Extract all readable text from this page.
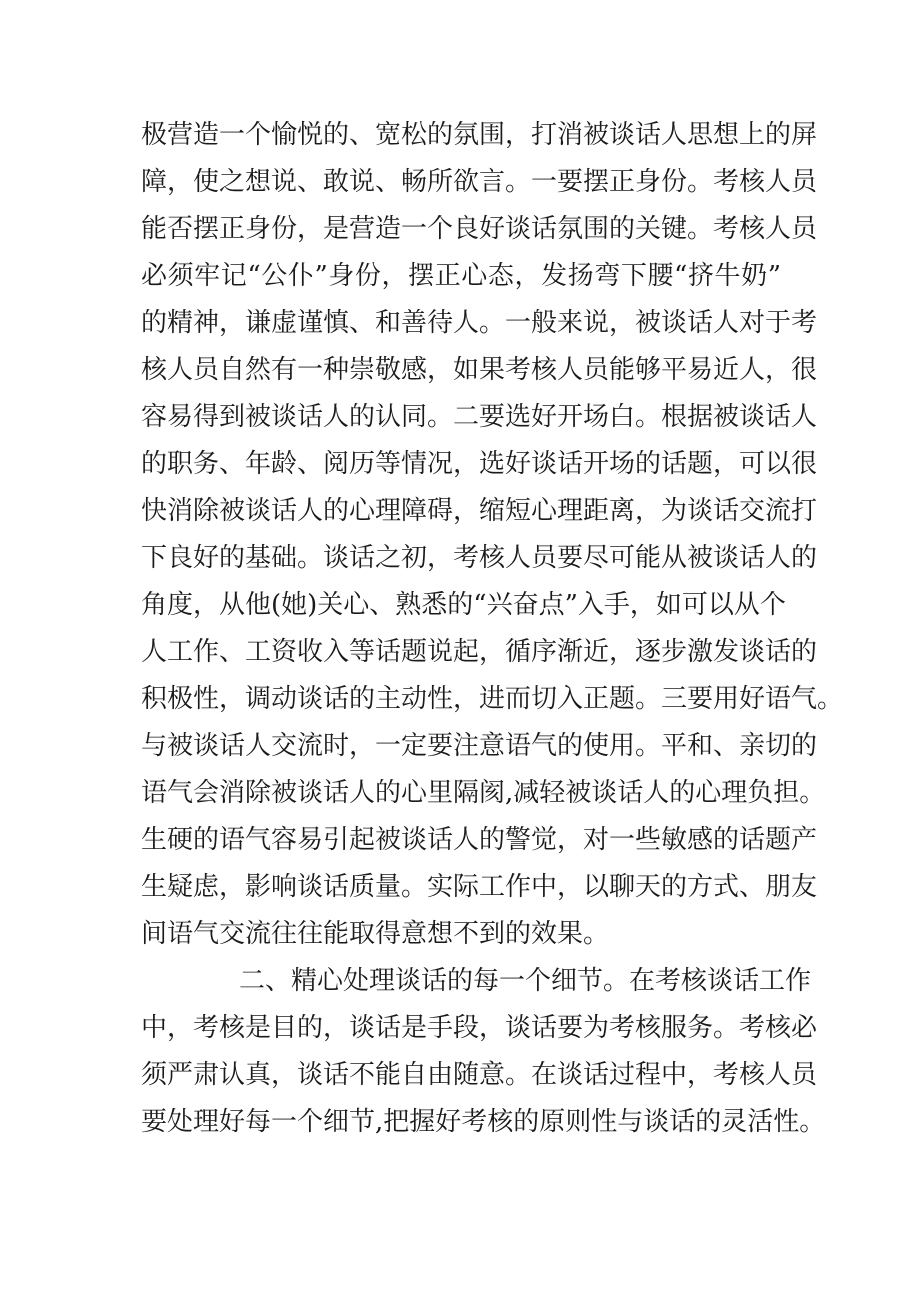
极营造一个愉悦的、宽松的氛围，打消被谈话人思想上的屏
障，使之想说、敢说、畅所欲言。一要摆正身份。考核人员
能否摆正身份，是营造一个良好谈话氛围的关键。考核人员
必须牢记“公仆”身份，摆正心态，发扬弯下腰“挤牛奶”
的精神，谦虚谨慎、和善待人。一般来说，被谈话人对于考
核人员自然有一种崇敬感，如果考核人员能够平易近人，很
容易得到被谈话人的认同。二要选好开场白。根据被谈话人
的职务、年龄、阅历等情况，选好谈话开场的话题，可以很
快消除被谈话人的心理障碍，缩短心理距离，为谈话交流打
下良好的基础。谈话之初，考核人员要尽可能从被谈话人的
角度，从他(她)关心、熟悉的“兴奋点”入手，如可以从个
人工作、工资收入等话题说起，循序渐近，逐步激发谈话的
积极性，调动谈话的主动性，进而切入正题。三要用好语气。
与被谈话人交流时，一定要注意语气的使用。平和、亲切的
语气会消除被谈话人的心里隔阂,减轻被谈话人的心理负担。
生硬的语气容易引起被谈话人的警觉，对一些敏感的话题产
生疑虑，影响谈话质量。实际工作中，以聊天的方式、朋友
间语气交流往往能取得意想不到的效果。
二、精心处理谈话的每一个细节。在考核谈话工作
中，考核是目的，谈话是手段，谈话要为考核服务。考核必
须严肃认真，谈话不能自由随意。在谈话过程中，考核人员
要处理好每一个细节,把握好考核的原则性与谈话的灵活性。
